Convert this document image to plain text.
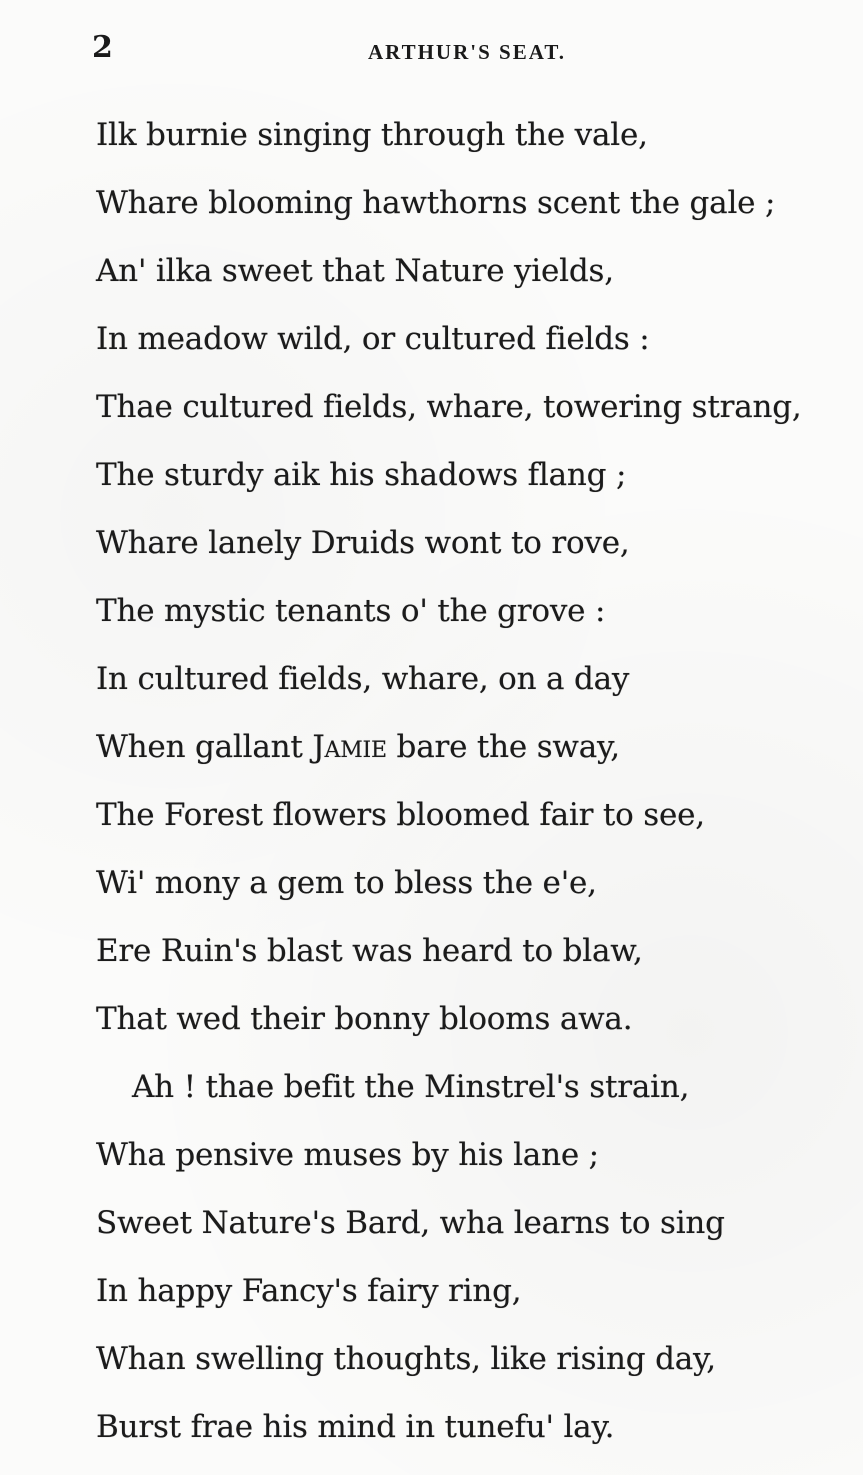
2	ARTHUR'S SEAT.
Ilk burnie singing through the vale,
Whare blooming hawthorns scent the gale ;
An' ilka sweet that Nature yields,
In meadow wild, or cultured fields :
Thae cultured fields, whare, towering strang,
The sturdy aik his shadows flang ;
Whare lanely Druids wont to rove,
The mystic tenants o' the grove :
In cultured fields, whare, on a day
When gallant Jamie bare the sway,
The Forest flowers bloomed fair to see,
Wi' mony a gem to bless the e'e,
Ere Ruin's blast was heard to blaw,
That wed their bonny blooms awa.
Ah ! thae befit the Minstrel's strain,
Wha pensive muses by his lane ;
Sweet Nature's Bard, wha learns to sing
In happy Fancy's fairy ring,
Whan swelling thoughts, like rising day,
Burst frae his mind in tunefu' lay.
